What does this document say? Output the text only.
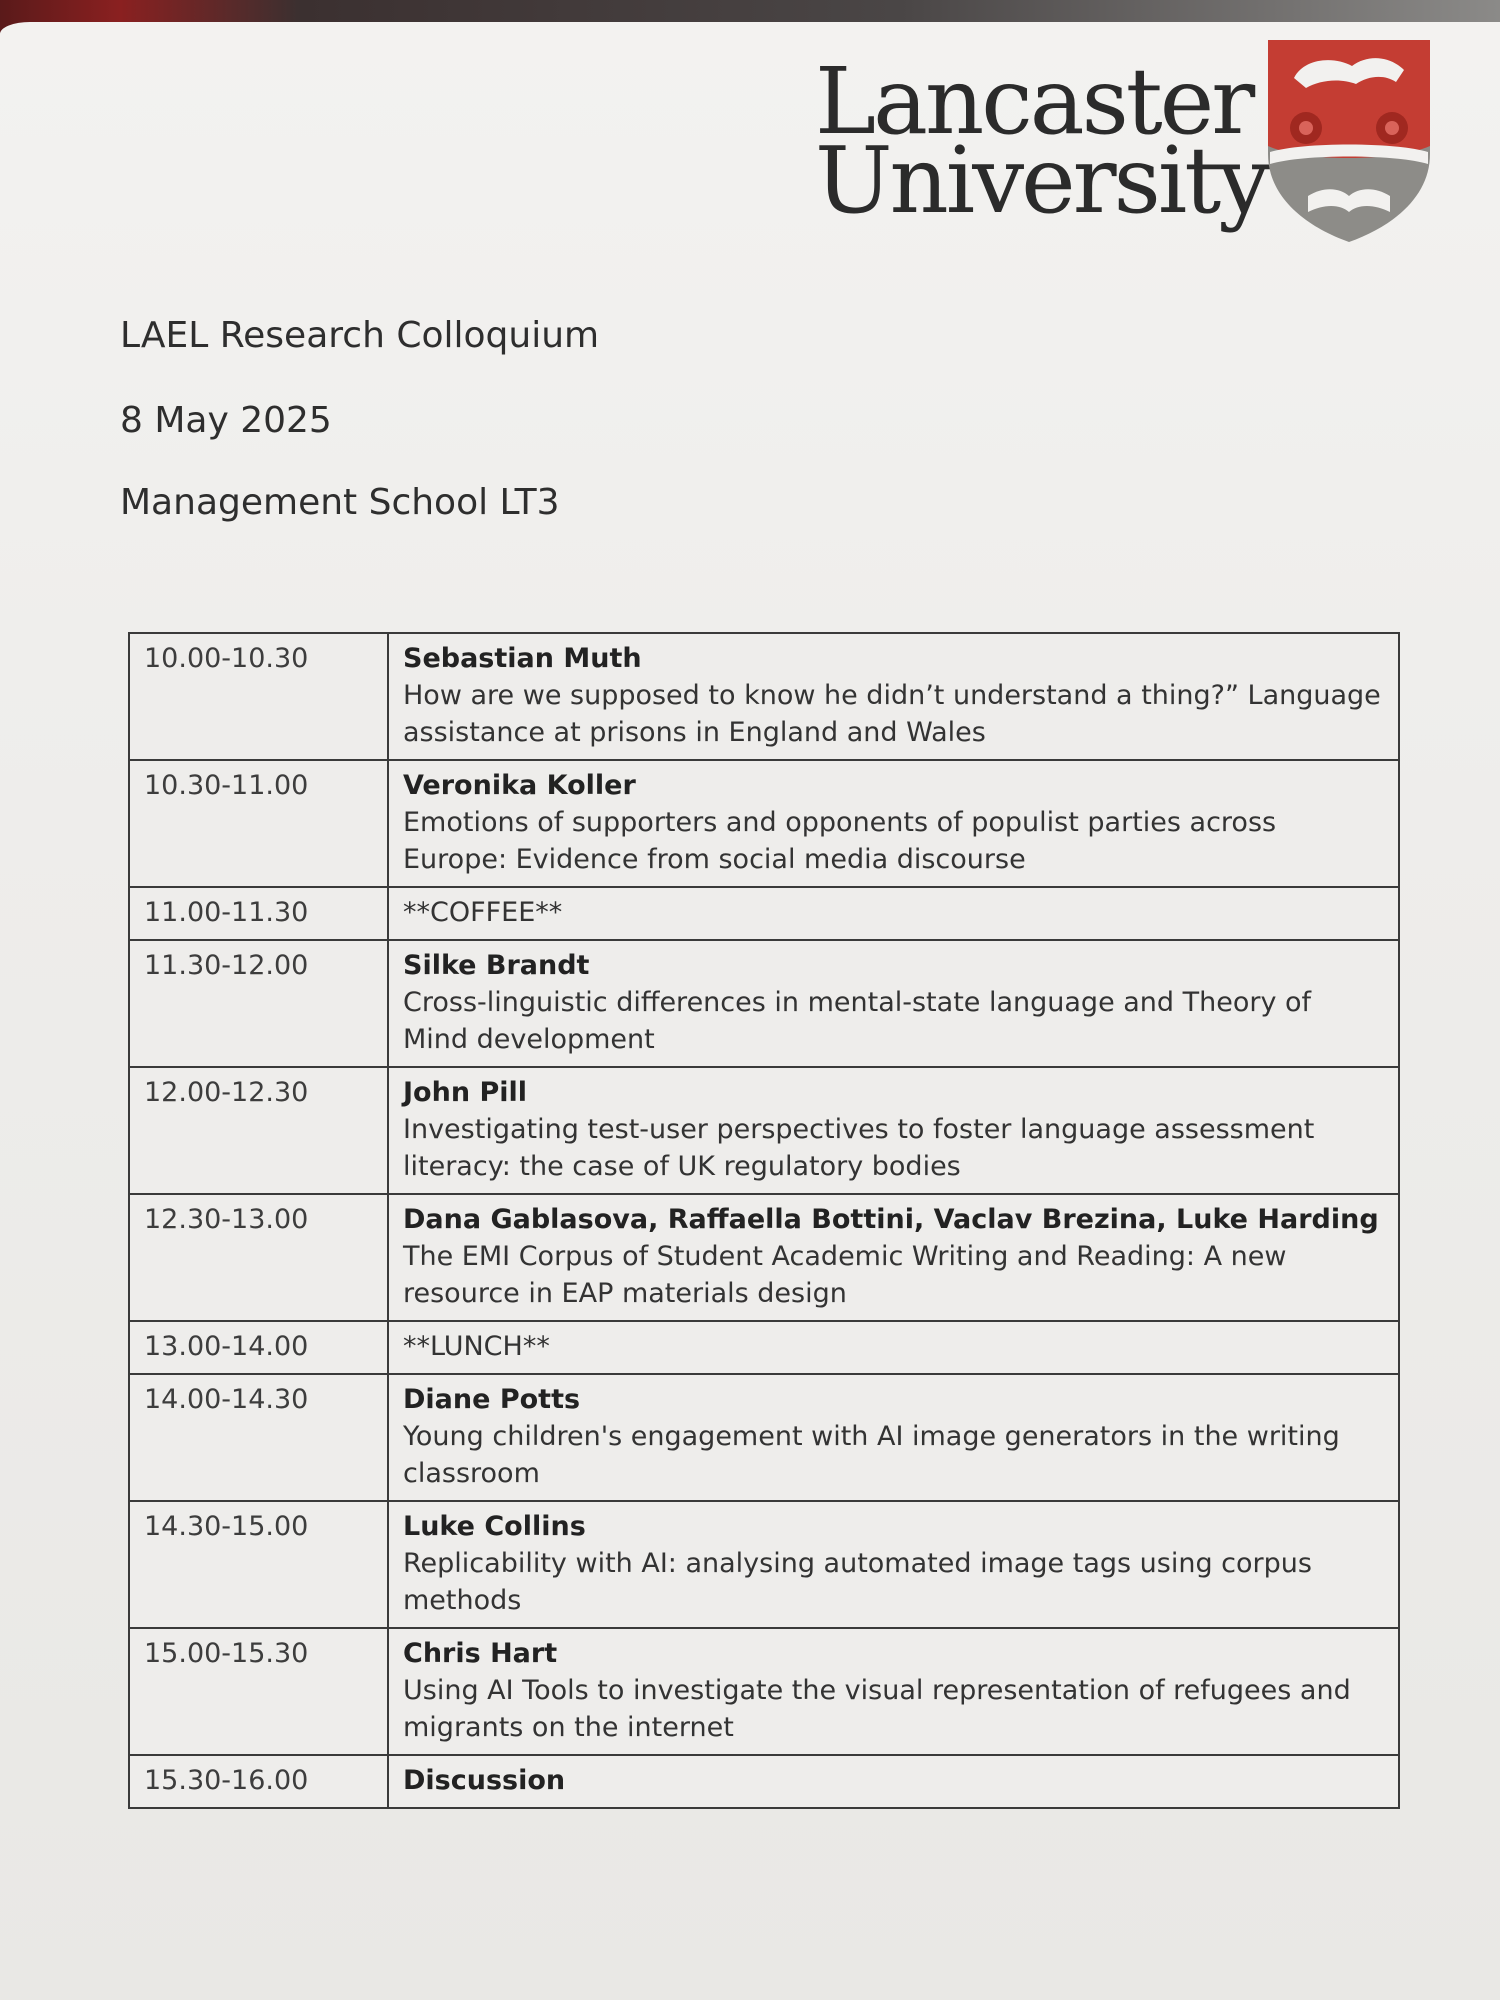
Lancaster
University
LAEL Research Colloquium
8 May 2025
Management School LT3
10.00-10.30	Sebastian Muth
How are we supposed to know he didn’t understand a thing?” Language assistance at prisons in England and Wales

10.30-11.00	Veronika Koller
Emotions of supporters and opponents of populist parties across Europe: Evidence from social media discourse

11.00-11.30	**COFFEE**

11.30-12.00	Silke Brandt
Cross-linguistic differences in mental-state language and Theory of Mind development

12.00-12.30	John Pill
Investigating test-user perspectives to foster language assessment literacy: the case of UK regulatory bodies

12.30-13.00	Dana Gablasova, Raffaella Bottini, Vaclav Brezina, Luke Harding
The EMI Corpus of Student Academic Writing and Reading: A new resource in EAP materials design

13.00-14.00	**LUNCH**

14.00-14.30	Diane Potts
Young children's engagement with AI image generators in the writing classroom

14.30-15.00	Luke Collins
Replicability with AI: analysing automated image tags using corpus methods

15.00-15.30	Chris Hart
Using AI Tools to investigate the visual representation of refugees and migrants on the internet

15.30-16.00	Discussion
